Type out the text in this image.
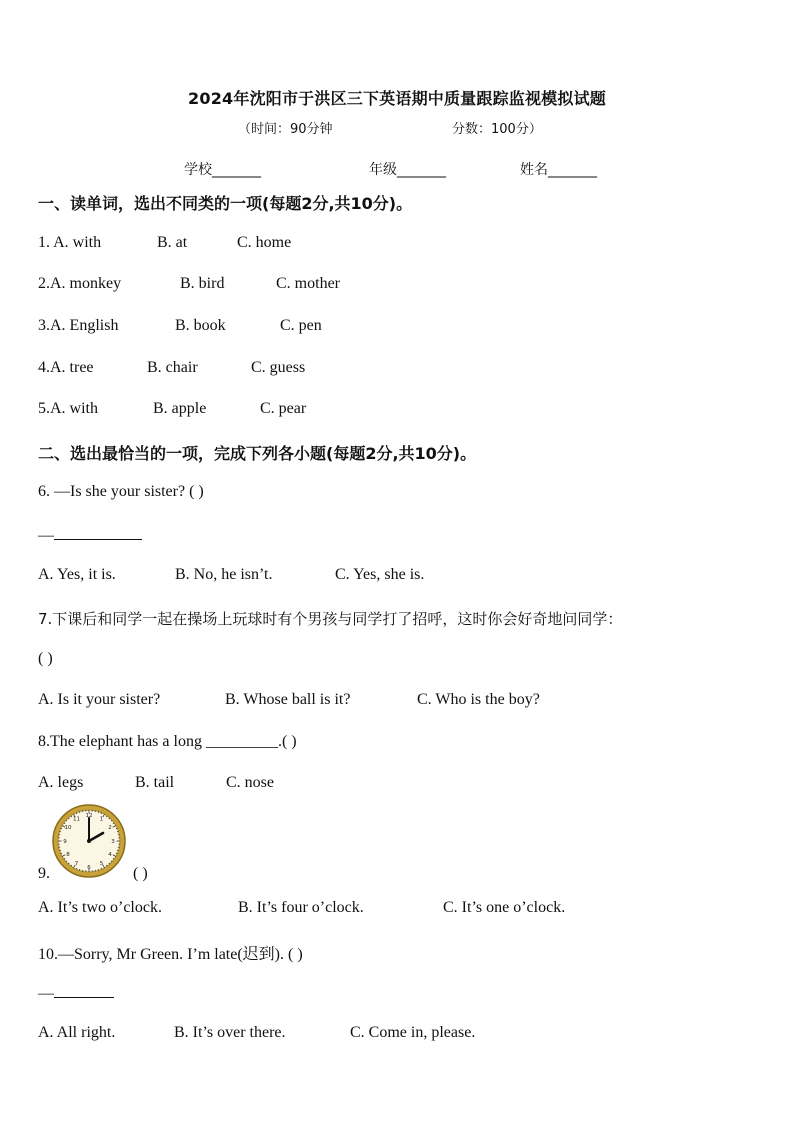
2024年沈阳市于洪区三下英语期中质量跟踪监视模拟试题
（时间：90分钟	分数：100分）
学校_______	年级_______	姓名_______
一、读单词，选出不同类的一项(每题2分,共10分)。
1. A. with	B. at	C. home
2.A. monkey	B. bird	C. mother
3.A. English	B. book	C. pen
4.A. tree	B. chair	C. guess
5.A. with	B. apple	C. pear
二、选出最恰当的一项，完成下列各小题(每题2分,共10分)。
6. —Is she your sister? ( )
—
A. Yes, it is.	B. No, he isn’t.	C. Yes, she is.
7.下课后和同学一起在操场上玩球时有个男孩与同学打了招呼，这时你会好奇地问同学：
( )
A. Is it your sister?	B. Whose ball is it?	C. Who is the boy?
8.The elephant has a long _________.( )
A. legs	B. tail	C. nose
9.
12
1
2
3
4
5
6
7
8
9
10
11
( )
A. It’s two o’clock.	B. It’s four o’clock.	C. It’s one o’clock.
10.—Sorry, Mr Green. I’m late(迟到). ( )
—
A. All right.	B. It’s over there.	C. Come in, please.
